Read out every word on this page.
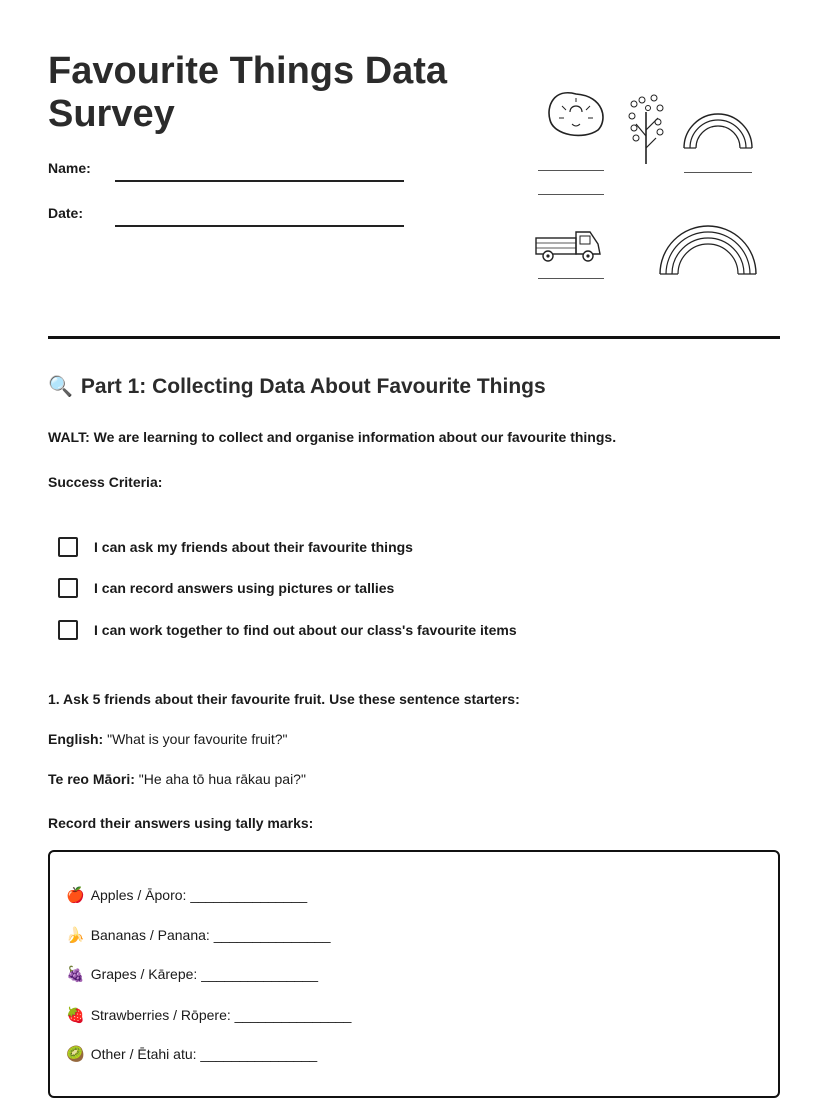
Favourite Things Data Survey
Name:
Date:
🔍 Part 1: Collecting Data About Favourite Things
WALT: We are learning to collect and organise information about our favourite things.
Success Criteria:
I can ask my friends about their favourite things
I can record answers using pictures or tallies
I can work together to find out about our class's favourite items
1. Ask 5 friends about their favourite fruit. Use these sentence starters:
English: "What is your favourite fruit?"
Te reo Māori: "He aha tō hua rākau pai?"
Record their answers using tally marks:
🍎 Apples / Āporo:
_______________
🍌 Bananas / Panana:
_______________
🍇 Grapes / Kārepe:
_______________
🍓 Strawberries / Rōpere:
_______________
🥝 Other / Ētahi atu:
_______________
